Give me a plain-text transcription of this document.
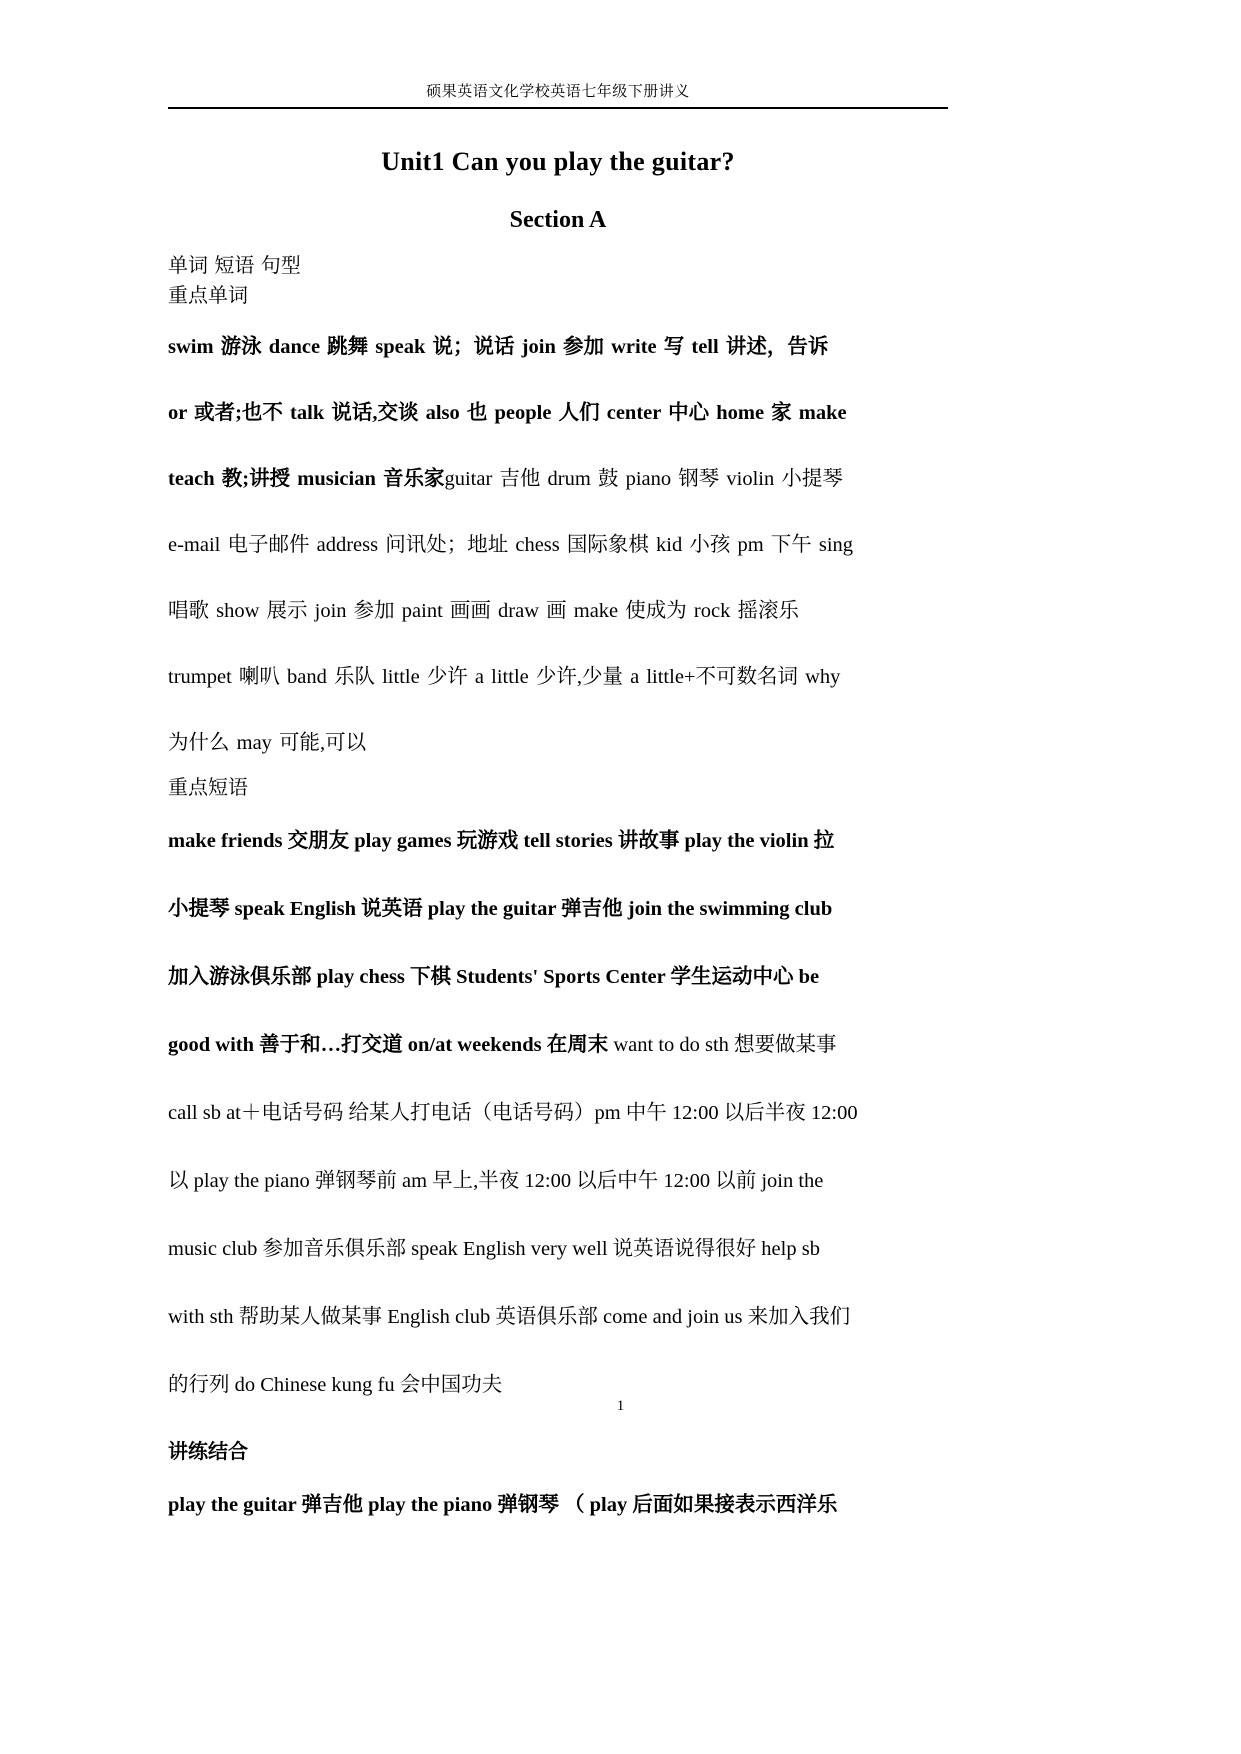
硕果英语文化学校英语七年级下册讲义
Unit1 Can you play the guitar?
Section A
单词 短语 句型
重点单词
swim 游泳 dance 跳舞 speak 说；说话 join 参加 write 写 tell 讲述，告诉
or 或者;也不 talk 说话,交谈 also 也 people 人们 center 中心 home 家 make
teach 教;讲授 musician 音乐家guitar 吉他 drum 鼓 piano 钢琴 violin 小提琴
e-mail 电子邮件 address 问讯处；地址 chess 国际象棋 kid 小孩 pm 下午 sing
唱歌 show 展示 join 参加 paint 画画 draw 画 make 使成为 rock 摇滚乐
trumpet 喇叭 band 乐队 little 少许 a little 少许,少量 a little+不可数名词 why
为什么 may 可能,可以
重点短语
make friends 交朋友 play games 玩游戏 tell stories 讲故事 play the violin 拉
小提琴 speak English 说英语 play the guitar 弹吉他 join the swimming club
加入游泳俱乐部 play chess 下棋 Students' Sports Center 学生运动中心 be
good with 善于和…打交道 on/at weekends 在周末 want to do sth 想要做某事
call sb at＋电话号码 给某人打电话（电话号码）pm 中午 12:00 以后半夜 12:00
以 play the piano 弹钢琴前 am 早上,半夜 12:00 以后中午 12:00 以前 join the
music club 参加音乐俱乐部 speak English very well 说英语说得很好 help sb
with sth 帮助某人做某事 English club 英语俱乐部 come and join us 来加入我们
的行列 do Chinese kung fu 会中国功夫
讲练结合
play the guitar 弹吉他 play the piano 弹钢琴 （ play 后面如果接表示西洋乐
1
